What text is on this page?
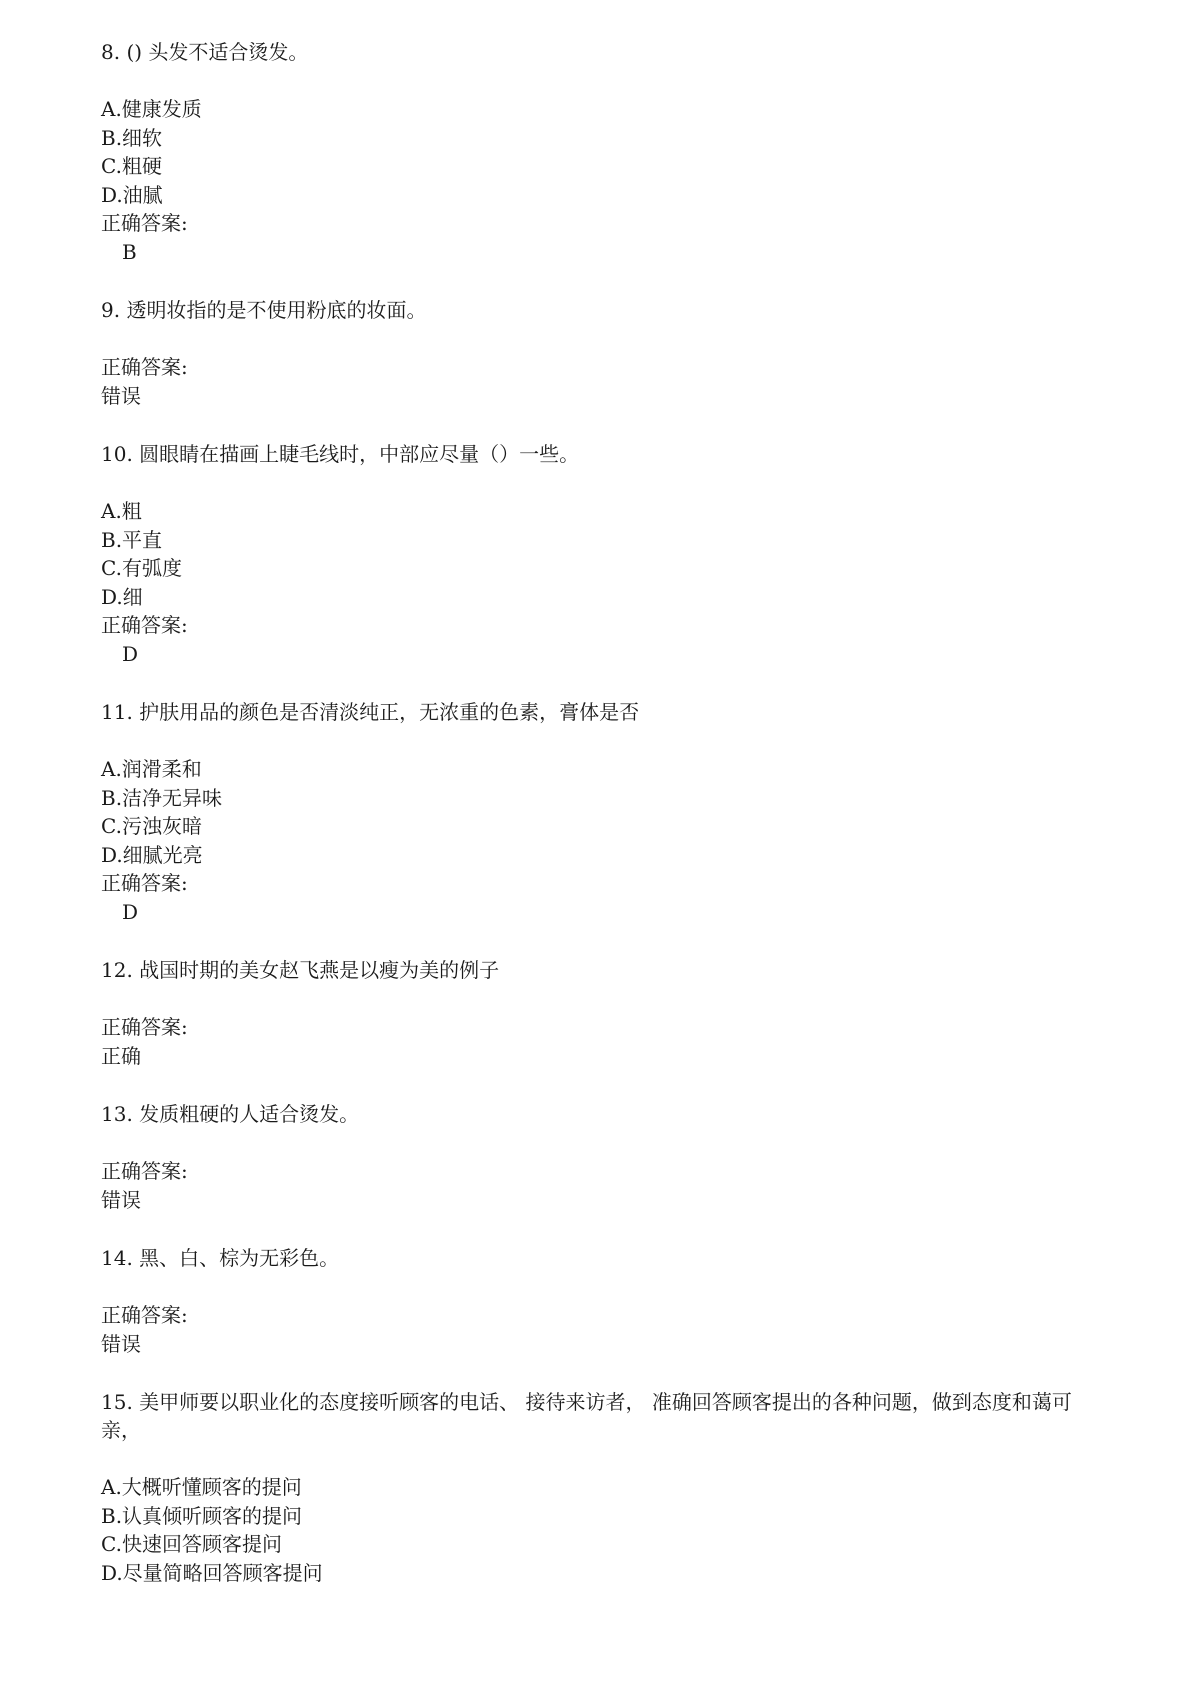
8. () 头发不适合烫发。

A.健康发质
B.细软
C.粗硬
D.油腻

正确答案:

B

9. 透明妆指的是不使用粉底的妆面。

正确答案:

错误

10. 圆眼睛在描画上睫毛线时，中部应尽量（）一些。

A.粗
B.平直
C.有弧度
D.细

正确答案:

D

11. 护肤用品的颜色是否清淡纯正，无浓重的色素，膏体是否

A.润滑柔和
B.洁净无异味
C.污浊灰暗
D.细腻光亮

正确答案:

D

12. 战国时期的美女赵飞燕是以瘦为美的例子

正确答案:

正确

13. 发质粗硬的人适合烫发。

正确答案:

错误

14. 黑、白、棕为无彩色。

正确答案:

错误

15. 美甲师要以职业化的态度接听顾客的电话、 接待来访者， 准确回答顾客提出的各种问题，做到态度和蔼可亲，

A.大概听懂顾客的提问
B.认真倾听顾客的提问
C.快速回答顾客提问
D.尽量简略回答顾客提问
